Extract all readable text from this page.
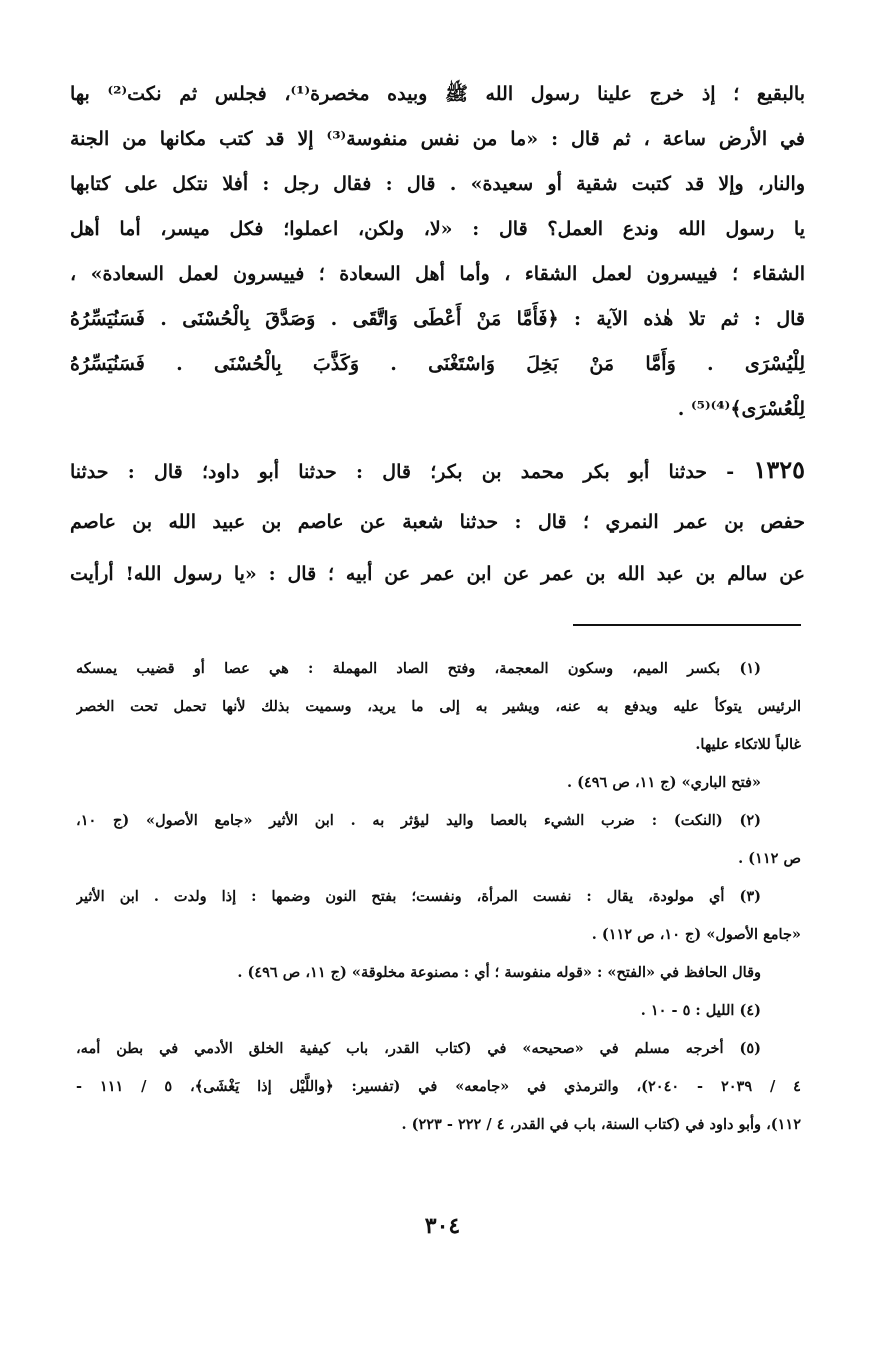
بالبقيع ؛ إذ خرج علينا رسول الله ﷺ وبيده مخصرة⁽¹⁾، فجلس ثم نكت⁽²⁾ بها
في الأرض ساعة ، ثم قال : «ما من نفس منفوسة⁽³⁾ إلا قد كتب مكانها من الجنة
والنار، وإلا قد كتبت شقية أو سعيدة» . قال : فقال رجل : أفلا نتكل على كتابها
يا رسول الله وندع العمل؟ قال : «لا، ولكن، اعملوا؛ فكل ميسر، أما أهل
الشقاء ؛ فييسرون لعمل الشقاء ، وأما أهل السعادة ؛ فييسرون لعمل السعادة» ،
قال : ثم تلا هٰذه الآية : ﴿فَأَمَّا مَنْ أَعْطَى وَاتَّقَى . وَصَدَّقَ بِالْحُسْنَى . فَسَنُيَسِّرُهُ
لِلْيُسْرَى . وَأَمَّا مَنْ بَخِلَ وَاسْتَغْنَى . وَكَذَّبَ بِالْحُسْنَى . فَسَنُيَسِّرُهُ
لِلْعُسْرَى﴾⁽⁴⁾⁽⁵⁾ .
١٣٢٥ - حدثنا أبو بكر محمد بن بكر؛ قال : حدثنا أبو داود؛ قال : حدثنا
حفص بن عمر النمري ؛ قال : حدثنا شعبة عن عاصم بن عبيد الله بن عاصم
عن سالم بن عبد الله بن عمر عن ابن عمر عن أبيه ؛ قال : «يا رسول الله! أرأيت
(١) بكسر الميم، وسكون المعجمة، وفتح الصاد المهملة : هي عصا أو قضيب يمسكه
الرئيس يتوكأ عليه ويدفع به عنه، ويشير به إلى ما يريد، وسميت بذلك لأنها تحمل تحت الخصر
غالباً للاتكاء عليها.
«فتح الباري» (ج ١١، ص ٤٩٦) .
(٢) (النكت) : ضرب الشيء بالعصا واليد ليؤثر به . ابن الأثير «جامع الأصول» (ج ١٠،
ص ١١٢) .
(٣) أي مولودة، يقال : نفست المرأة، ونفست؛ بفتح النون وضمها : إذا ولدت . ابن الأثير
«جامع الأصول» (ج ١٠، ص ١١٢) .
وقال الحافظ في «الفتح» : «قوله منفوسة ؛ أي : مصنوعة مخلوقة» (ج ١١، ص ٤٩٦) .
(٤) الليل : ٥ - ١٠ .
(٥) أخرجه مسلم في «صحيحه» في (كتاب القدر، باب كيفية الخلق الأدمي في بطن أمه،
٤ / ٢٠٣٩ - ٢٠٤٠)، والترمذي في «جامعه» في (تفسير: ﴿واللَّيْل إذا يَغْشَى﴾، ٥ / ١١١ -
١١٢)، وأبو داود في (كتاب السنة، باب في القدر، ٤ / ٢٢٢ - ٢٢٣) .
٣٠٤
